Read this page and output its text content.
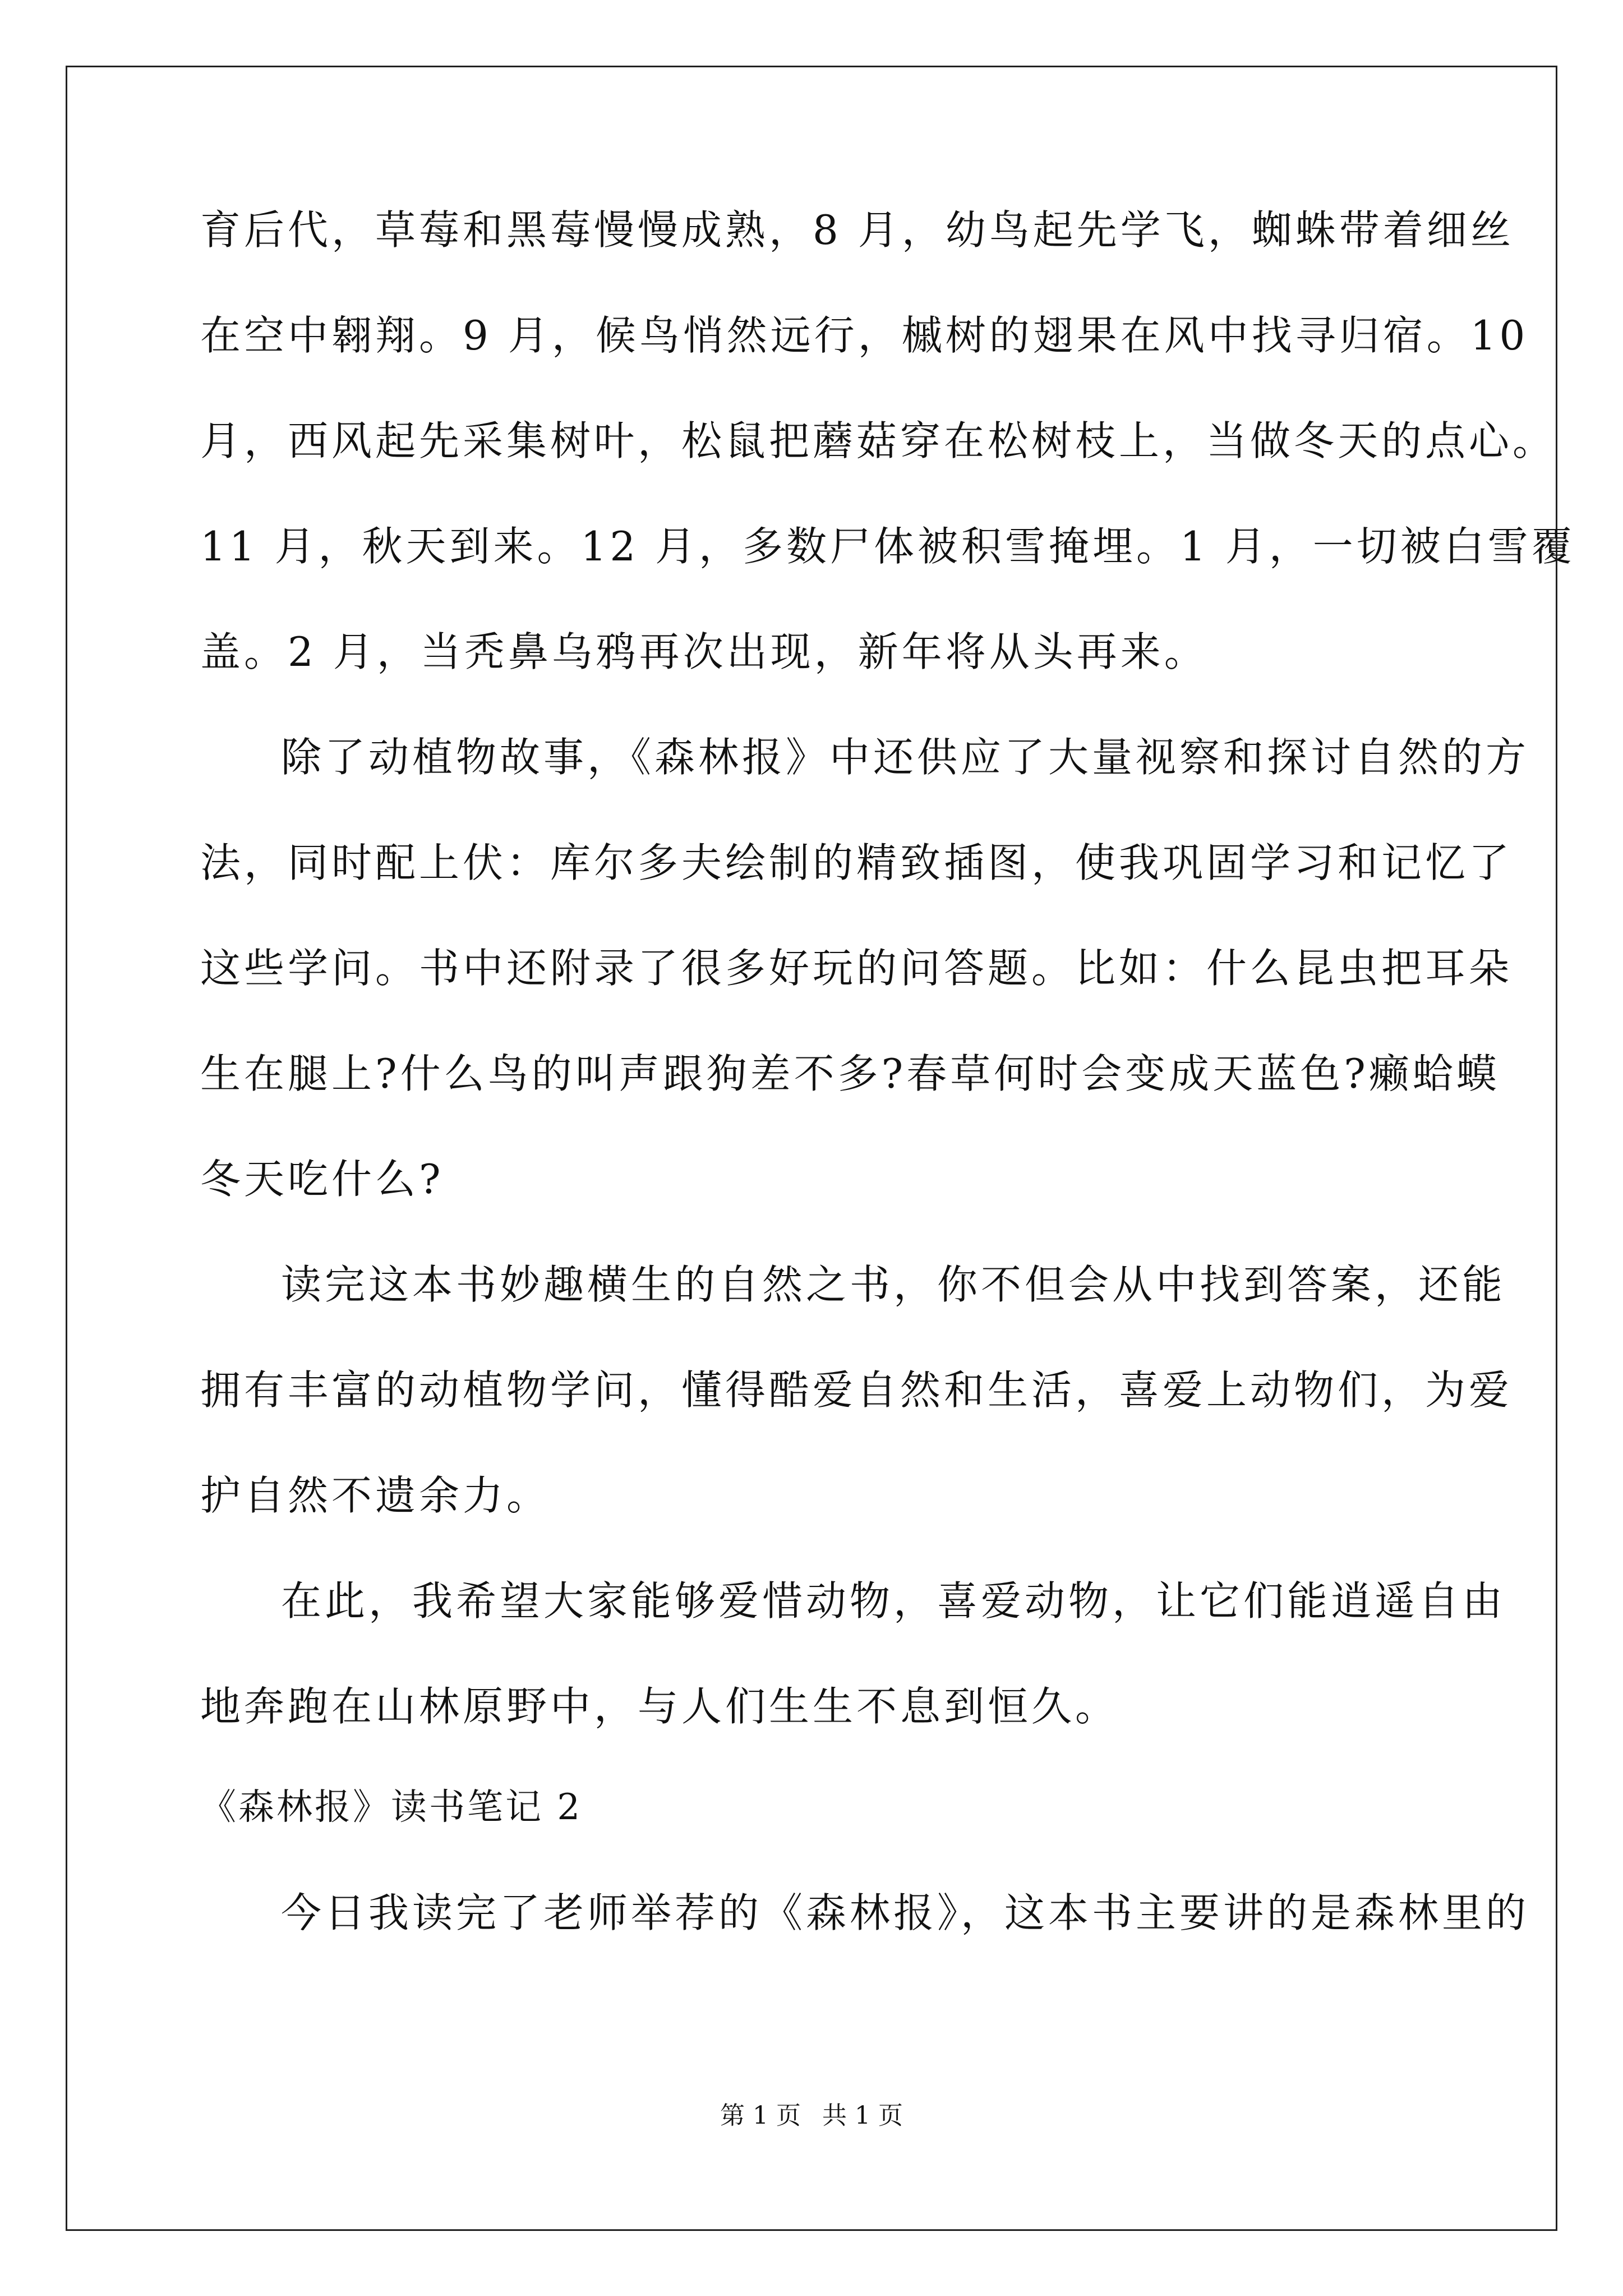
育后代，草莓和黑莓慢慢成熟，8 月，幼鸟起先学飞，蜘蛛带着细丝
在空中翱翔。9 月，候鸟悄然远行，槭树的翅果在风中找寻归宿。10
月，西风起先采集树叶，松鼠把蘑菇穿在松树枝上，当做冬天的点心。
11 月，秋天到来。12 月，多数尸体被积雪掩埋。1 月，一切被白雪覆
盖。2 月，当秃鼻乌鸦再次出现，新年将从头再来。
除了动植物故事，《森林报》中还供应了大量视察和探讨自然的方
法，同时配上伏：库尔多夫绘制的精致插图，使我巩固学习和记忆了
这些学问。书中还附录了很多好玩的问答题。比如：什么昆虫把耳朵
生在腿上?什么鸟的叫声跟狗差不多?春草何时会变成天蓝色?癞蛤蟆
冬天吃什么?
读完这本书妙趣横生的自然之书，你不但会从中找到答案，还能
拥有丰富的动植物学问，懂得酷爱自然和生活，喜爱上动物们，为爱
护自然不遗余力。
在此，我希望大家能够爱惜动物，喜爱动物，让它们能逍遥自由
地奔跑在山林原野中，与人们生生不息到恒久。
《森林报》读书笔记 2
今日我读完了老师举荐的《森林报》，这本书主要讲的是森林里的
第 1 页 共 1 页
